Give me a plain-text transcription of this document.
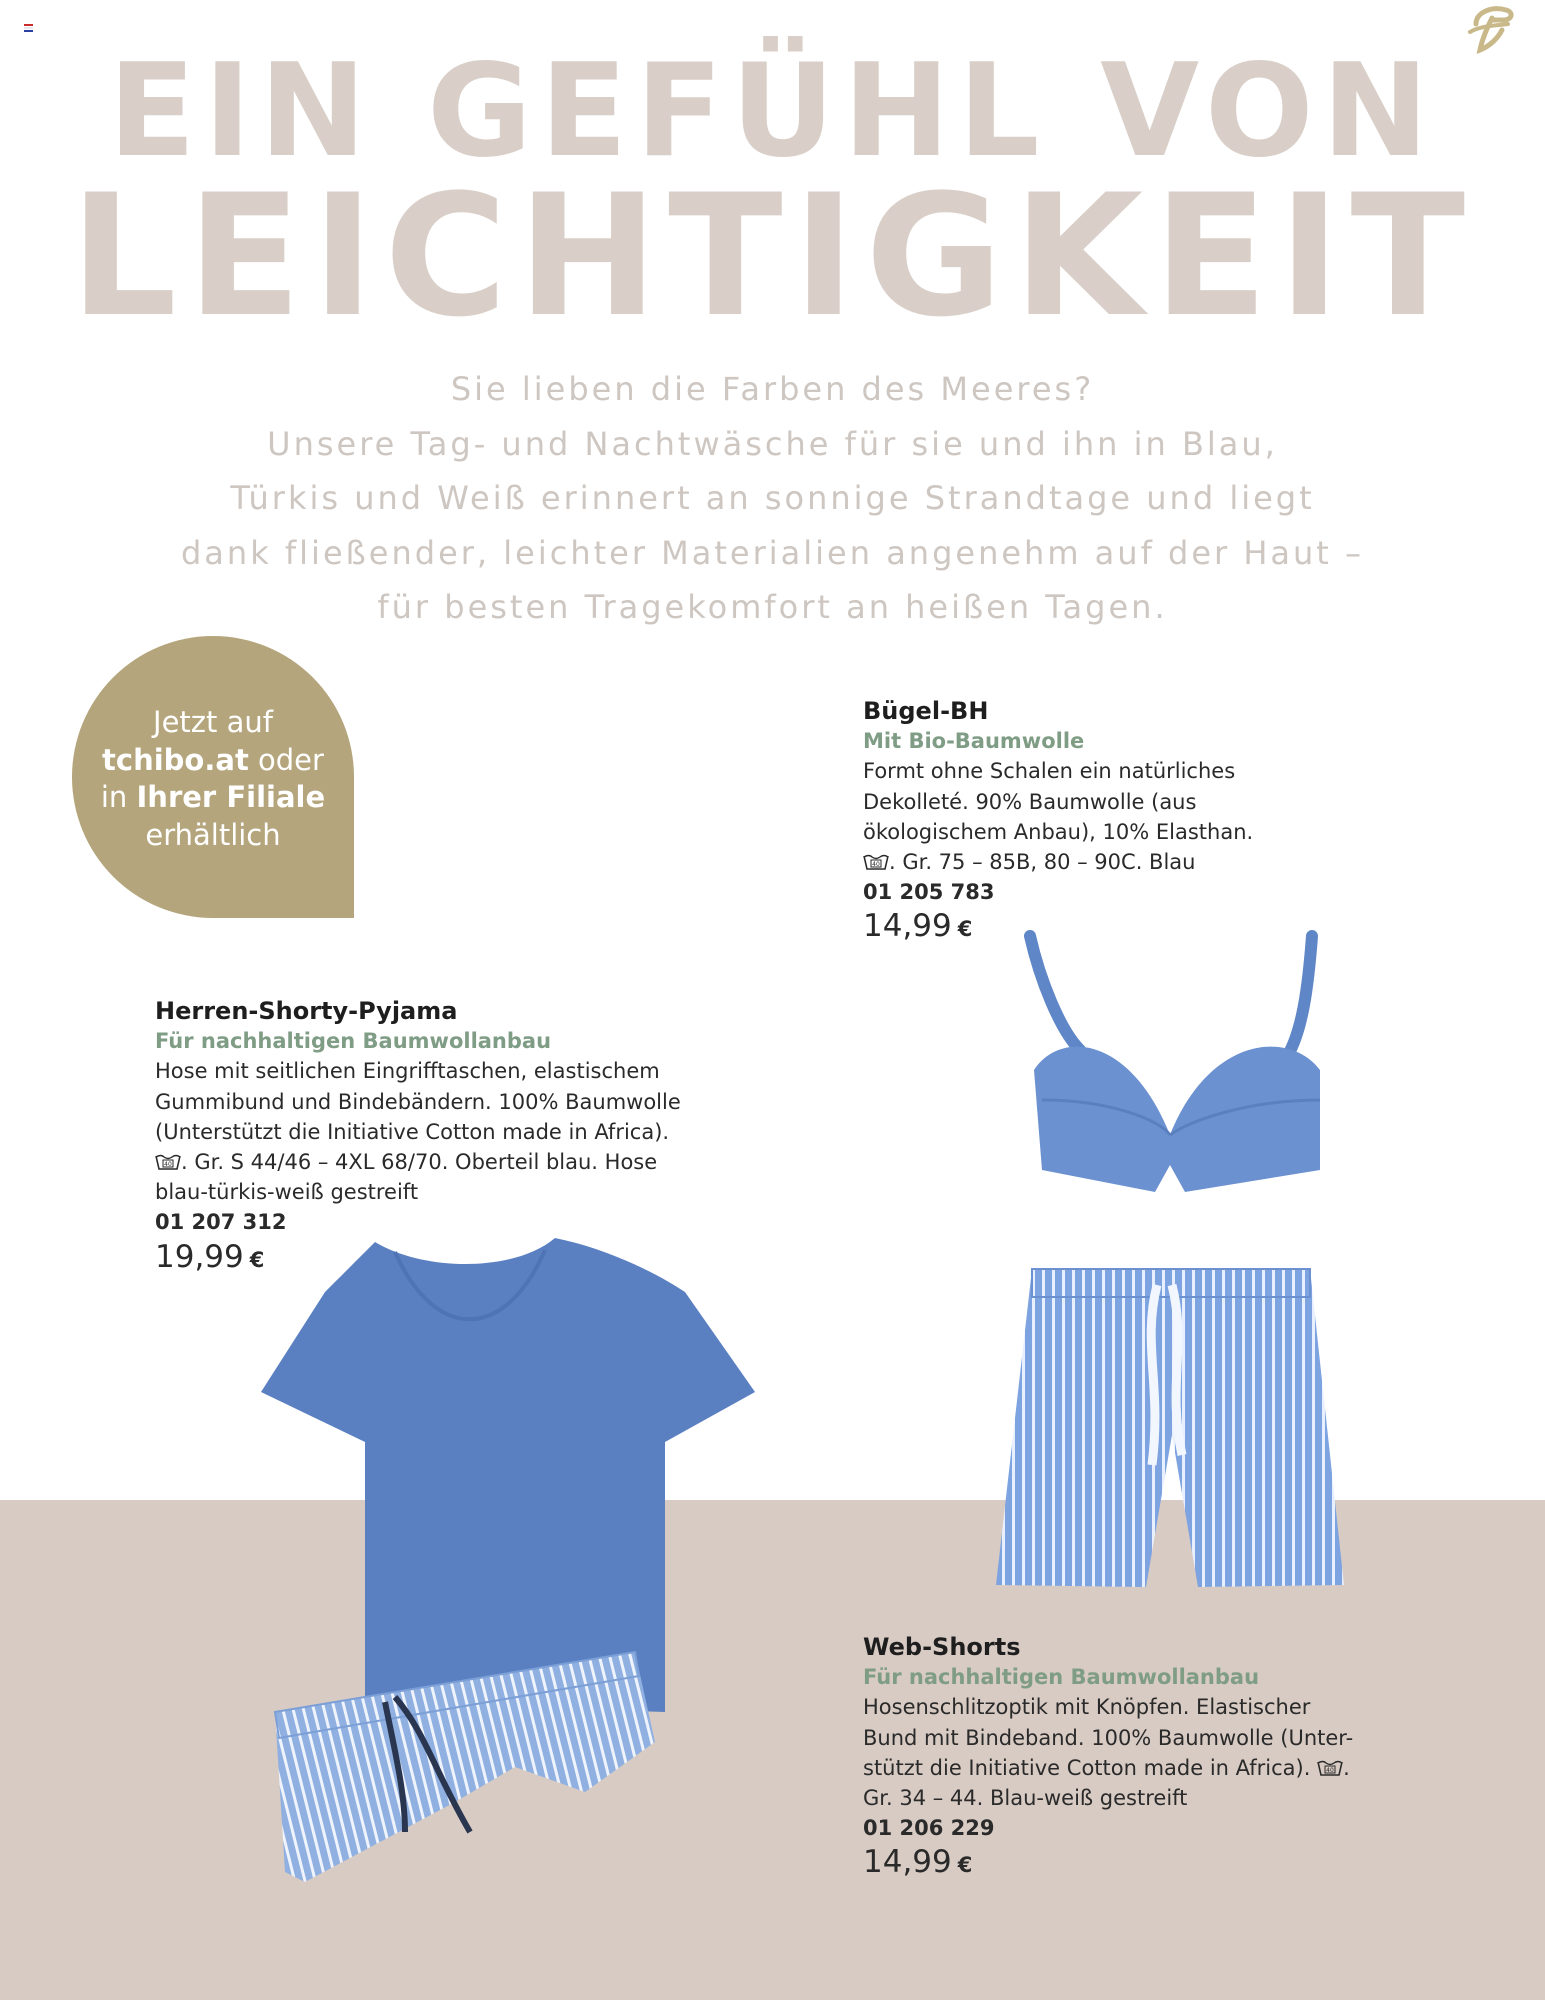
EIN GEFÜHL VON
LEICHTIGKEIT
Sie lieben die Farben des Meeres?
Unsere Tag- und Nachtwäsche für sie und ihn in Blau,
Türkis und Weiß erinnert an sonnige Strandtage und liegt
dank fließender, leichter Materialien angenehm auf der Haut –
für besten Tragekomfort an heißen Tagen.
Jetzt auf
tchibo.at oder
in Ihrer Filiale
erhältlich
Bügel-BH
Mit Bio-Baumwolle
Formt ohne Schalen ein natürliches
Dekolleté. 90% Baumwolle (aus
ökologischem Anbau), 10% Elasthan.
40 . Gr. 75 – 85B, 80 – 90C. Blau
01 205 783
14,99 €
Herren-Shorty-Pyjama
Für nachhaltigen Baumwollanbau
Hose mit seitlichen Eingrifftaschen, elastischem
Gummibund und Bindebändern. 100% Baumwolle
(Unterstützt die Initiative Cotton made in Africa).
40 . Gr. S 44/46 – 4XL 68/70. Oberteil blau. Hose
blau-türkis-weiß gestreift
01 207 312
19,99 €
Web-Shorts
Für nachhaltigen Baumwollanbau
Hosenschlitzoptik mit Knöpfen. Elastischer
Bund mit Bindeband. 100% Baumwolle (Unter-
stützt die Initiative Cotton made in Africa).	40 .
Gr. 34 – 44. Blau-weiß gestreift
01 206 229
14,99 €
